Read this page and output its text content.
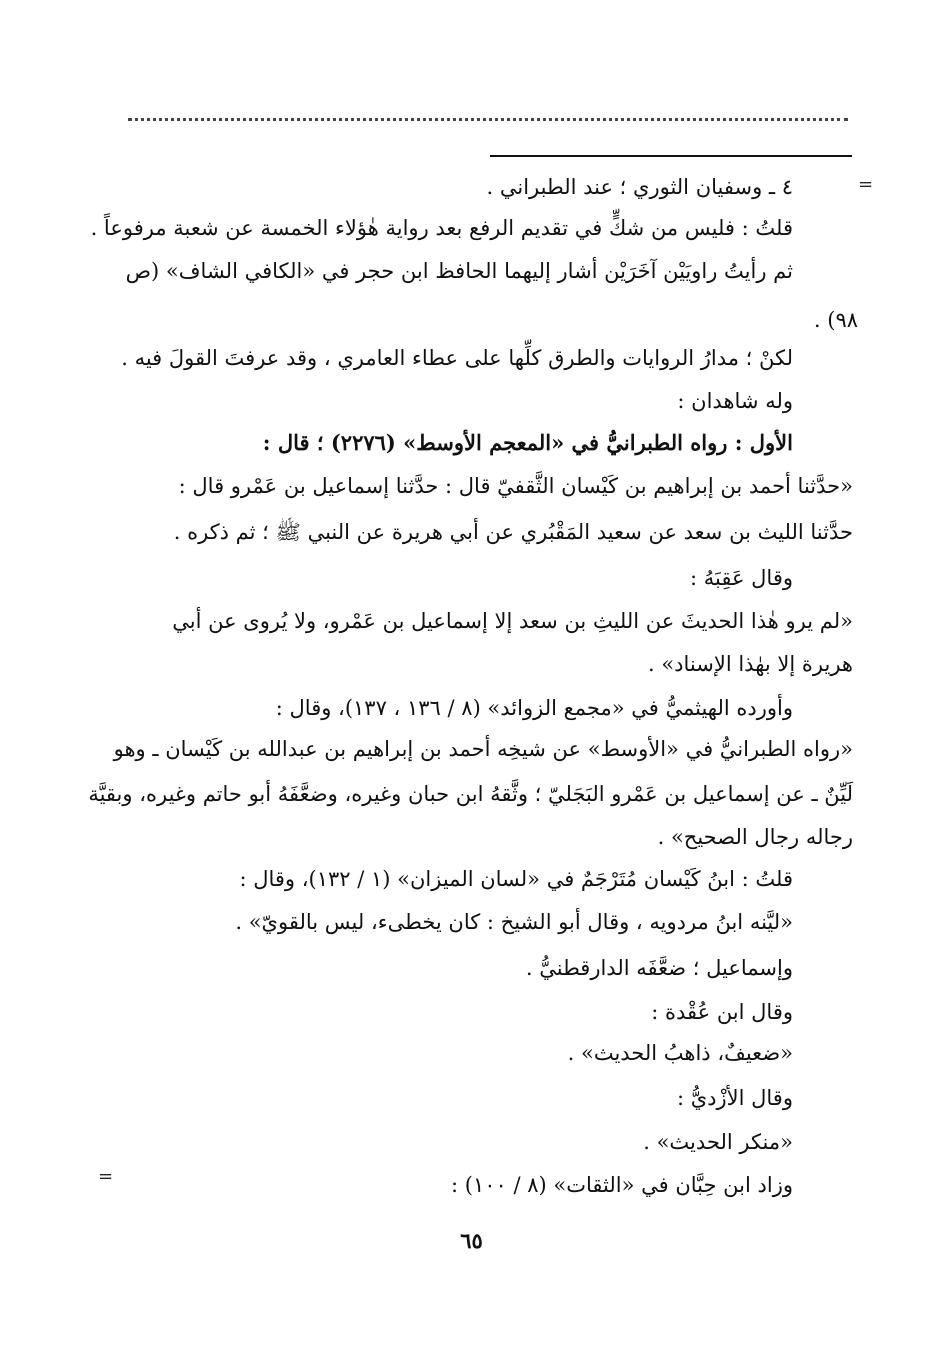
=
=
٤ ـ وسفيان الثوري ؛ عند الطبراني .
قلتُ : فليس من شكٍّ في تقديم الرفع بعد رواية هٰؤلاء الخمسة عن شعبة مرفوعاً .
ثم رأيتُ راويَيْن آخَرَيْن أشار إليهما الحافظ ابن حجر في «الكافي الشاف» (ص
٩٨) .
لكنْ ؛ مدارُ الروايات والطرق كلِّها على عطاء العامري ، وقد عرفتَ القولَ فيه .
وله شاهدان :
الأول : رواه الطبرانيُّ في «المعجم الأوسط» (٢٢٧٦) ؛ قال :
«حدَّثنا أحمد بن إبراهيم بن كَيْسان الثَّقفيّ قال : حدَّثنا إسماعيل بن عَمْرو قال :
حدَّثنا الليث بن سعد عن سعيد المَقْبُري عن أبي هريرة عن النبي ﷺ ؛ ثم ذكره .
وقال عَقِبَهُ :
«لم يرو هٰذا الحديثَ عن الليثِ بن سعد إلا إسماعيل بن عَمْرو، ولا يُروى عن أبي
هريرة إلا بهٰذا الإسناد» .
وأورده الهيثميُّ في «مجمع الزوائد» (٨ / ١٣٦ ، ١٣٧)، وقال :
«رواه الطبرانيُّ في «الأوسط» عن شيخِه أحمد بن إبراهيم بن عبدالله بن كَيْسان ـ وهو
لَيِّنٌ ـ عن إسماعيل بن عَمْرو البَجَليّ ؛ وثَّقهُ ابن حبان وغيره، وضعَّفَهُ أبو حاتم وغيره، وبقيَّة
رجاله رجال الصحيح» .
قلتُ : ابنُ كَيْسان مُتَرْجَمٌ في «لسان الميزان» (١ / ١٣٢)، وقال :
«ليَّنه ابنُ مردويه ، وقال أبو الشيخ : كان يخطىء، ليس بالقويّ» .
وإسماعيل ؛ ضعَّفَه الدارقطنيُّ .
وقال ابن عُقْدة :
«ضعيفٌ، ذاهبُ الحديث» .
وقال الأزْديُّ :
«منكر الحديث» .
وزاد ابن حِبَّان في «الثقات» (٨ / ١٠٠) :
٦٥
